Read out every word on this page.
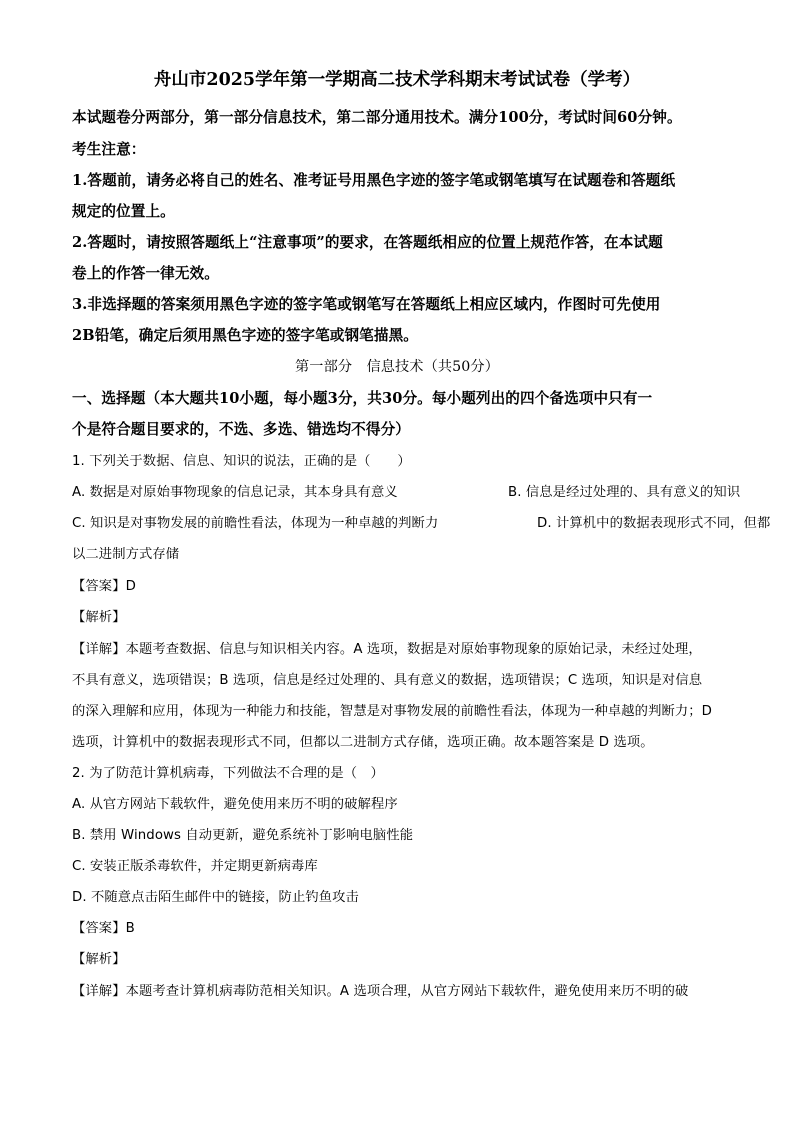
舟山市2025学年第一学期高二技术学科期末考试试卷（学考）
本试题卷分两部分，第一部分信息技术，第二部分通用技术。满分100分，考试时间60分钟。
考生注意：
1.答题前，请务必将自己的姓名、准考证号用黑色字迹的签字笔或钢笔填写在试题卷和答题纸
规定的位置上。
2.答题时，请按照答题纸上“注意事项”的要求，在答题纸相应的位置上规范作答，在本试题
卷上的作答一律无效。
3.非选择题的答案须用黑色字迹的签字笔或钢笔写在答题纸上相应区域内，作图时可先使用
2B铅笔，确定后须用黑色字迹的签字笔或钢笔描黑。
第一部分　信息技术（共50分）
一、选择题（本大题共10小题，每小题3分，共30分。每小题列出的四个备选项中只有一
个是符合题目要求的，不选、多选、错选均不得分）
1. 下列关于数据、信息、知识的说法，正确的是（　　）
A. 数据是对原始事物现象的信息记录，其本身具有意义	B. 信息是经过处理的、具有意义的知识
C. 知识是对事物发展的前瞻性看法，体现为一种卓越的判断力	D. 计算机中的数据表现形式不同，但都
以二进制方式存储
【答案】D
【解析】
【详解】本题考查数据、信息与知识相关内容。A 选项，数据是对原始事物现象的原始记录，未经过处理，
不具有意义，选项错误；B 选项，信息是经过处理的、具有意义的数据，选项错误；C 选项，知识是对信息
的深入理解和应用，体现为一种能力和技能，智慧是对事物发展的前瞻性看法，体现为一种卓越的判断力；D
选项，计算机中的数据表现形式不同，但都以二进制方式存储，选项正确。故本题答案是 D 选项。
2. 为了防范计算机病毒，下列做法不合理的是（　）
A. 从官方网站下载软件，避免使用来历不明的破解程序
B. 禁用 Windows 自动更新，避免系统补丁影响电脑性能
C. 安装正版杀毒软件，并定期更新病毒库
D. 不随意点击陌生邮件中的链接，防止钓鱼攻击
【答案】B
【解析】
【详解】本题考查计算机病毒防范相关知识。A 选项合理，从官方网站下载软件，避免使用来历不明的破
